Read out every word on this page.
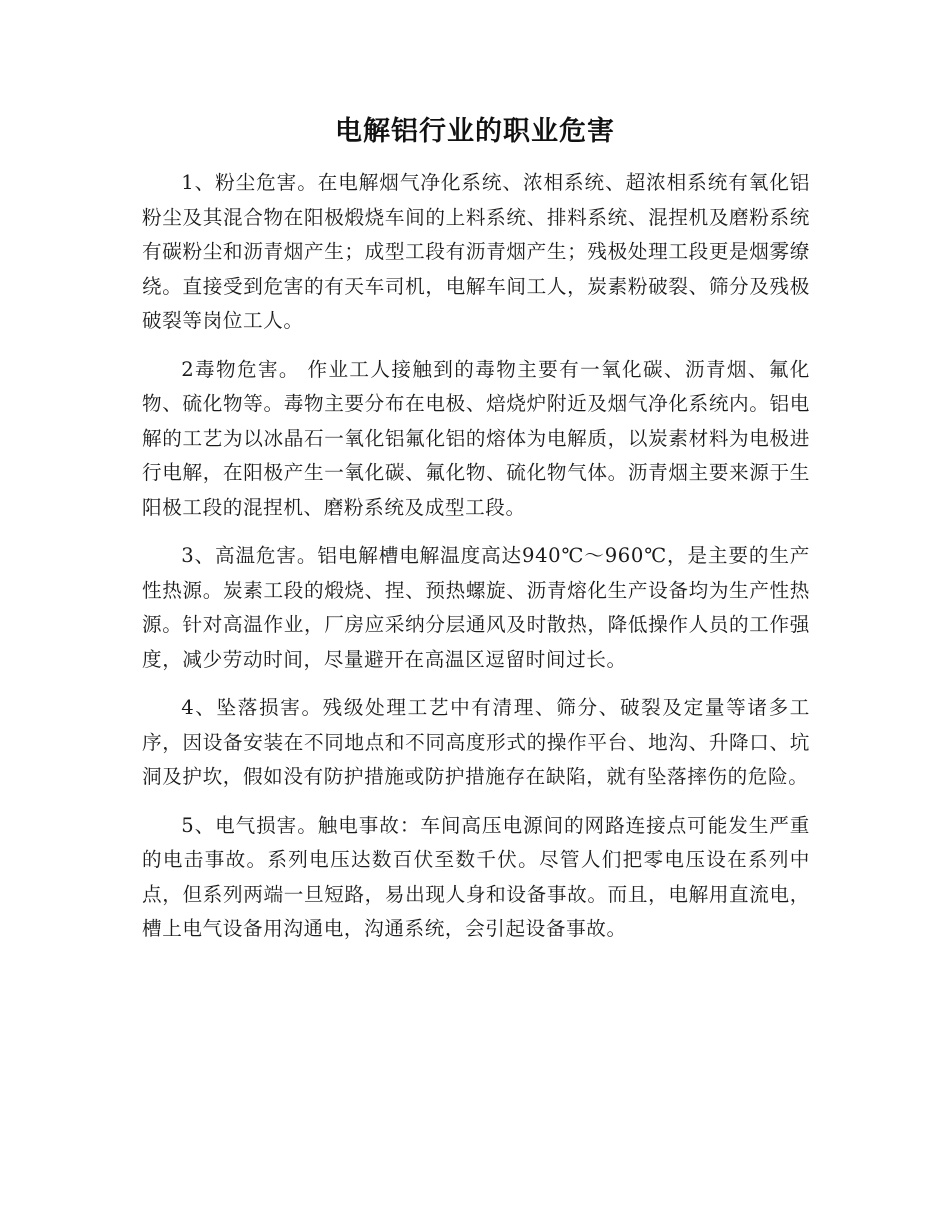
电解铝行业的职业危害

1、粉尘危害。在电解烟气净化系统、浓相系统、超浓相系统有氧化铝粉尘及其混合物在阳极煅烧车间的上料系统、排料系统、混捏机及磨粉系统有碳粉尘和沥青烟产生；成型工段有沥青烟产生；残极处理工段更是烟雾缭绕。直接受到危害的有天车司机，电解车间工人，炭素粉破裂、筛分及残极破裂等岗位工人。

2毒物危害。 作业工人接触到的毒物主要有一氧化碳、沥青烟、氟化物、硫化物等。毒物主要分布在电极、焙烧炉附近及烟气净化系统内。铝电解的工艺为以冰晶石一氧化铝氟化铝的熔体为电解质，以炭素材料为电极进行电解，在阳极产生一氧化碳、氟化物、硫化物气体。沥青烟主要来源于生阳极工段的混捏机、磨粉系统及成型工段。

3、高温危害。铝电解槽电解温度高达940℃～960℃，是主要的生产性热源。炭素工段的煅烧、捏、预热螺旋、沥青熔化生产设备均为生产性热源。针对高温作业，厂房应采纳分层通风及时散热，降低操作人员的工作强度，减少劳动时间，尽量避开在高温区逗留时间过长。

4、坠落损害。残级处理工艺中有清理、筛分、破裂及定量等诸多工序，因设备安装在不同地点和不同高度形式的操作平台、地沟、升降口、坑洞及护坎，假如没有防护措施或防护措施存在缺陷，就有坠落摔伤的危险。

5、电气损害。触电事故：车间高压电源间的网路连接点可能发生严重的电击事故。系列电压达数百伏至数千伏。尽管人们把零电压设在系列中点，但系列两端一旦短路，易出现人身和设备事故。而且，电解用直流电，槽上电气设备用沟通电，沟通系统，会引起设备事故。
